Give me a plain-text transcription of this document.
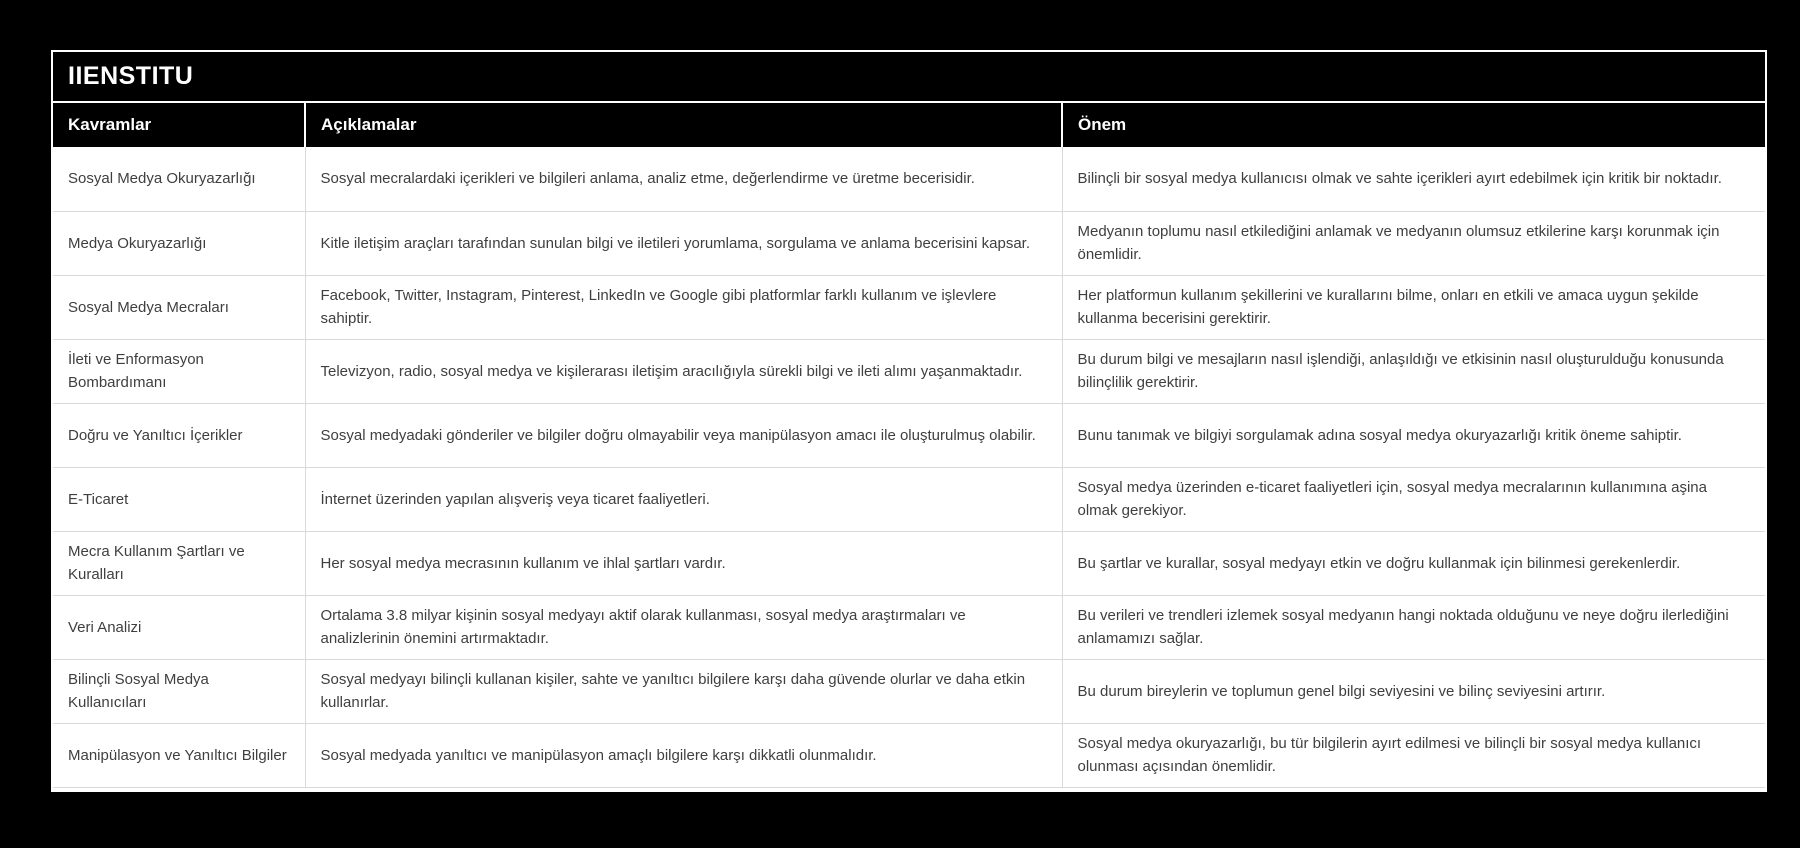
IIENSTITU
Kavramlar	Açıklamalar	Önem
Sosyal Medya Okuryazarlığı	Sosyal mecralardaki içerikleri ve bilgileri anlama, analiz etme, değerlendirme ve üretme becerisidir.	Bilinçli bir sosyal medya kullanıcısı olmak ve sahte içerikleri ayırt edebilmek için kritik bir noktadır.
Medya Okuryazarlığı	Kitle iletişim araçları tarafından sunulan bilgi ve iletileri yorumlama, sorgulama ve anlama becerisini kapsar.	Medyanın toplumu nasıl etkilediğini anlamak ve medyanın olumsuz etkilerine karşı korunmak için önemlidir.
Sosyal Medya Mecraları	Facebook, Twitter, Instagram, Pinterest, LinkedIn ve Google gibi platformlar farklı kullanım ve işlevlere sahiptir.	Her platformun kullanım şekillerini ve kurallarını bilme, onları en etkili ve amaca uygun şekilde kullanma becerisini gerektirir.
İleti ve Enformasyon Bombardımanı	Televizyon, radio, sosyal medya ve kişilerarası iletişim aracılığıyla sürekli bilgi ve ileti alımı yaşanmaktadır.	Bu durum bilgi ve mesajların nasıl işlendiği, anlaşıldığı ve etkisinin nasıl oluşturulduğu konusunda bilinçlilik gerektirir.
Doğru ve Yanıltıcı İçerikler	Sosyal medyadaki gönderiler ve bilgiler doğru olmayabilir veya manipülasyon amacı ile oluşturulmuş olabilir.	Bunu tanımak ve bilgiyi sorgulamak adına sosyal medya okuryazarlığı kritik öneme sahiptir.
E-Ticaret	İnternet üzerinden yapılan alışveriş veya ticaret faaliyetleri.	Sosyal medya üzerinden e-ticaret faaliyetleri için, sosyal medya mecralarının kullanımına aşina olmak gerekiyor.
Mecra Kullanım Şartları ve Kuralları	Her sosyal medya mecrasının kullanım ve ihlal şartları vardır.	Bu şartlar ve kurallar, sosyal medyayı etkin ve doğru kullanmak için bilinmesi gerekenlerdir.
Veri Analizi	Ortalama 3.8 milyar kişinin sosyal medyayı aktif olarak kullanması, sosyal medya araştırmaları ve analizlerinin önemini artırmaktadır.	Bu verileri ve trendleri izlemek sosyal medyanın hangi noktada olduğunu ve neye doğru ilerlediğini anlamamızı sağlar.
Bilinçli Sosyal Medya Kullanıcıları	Sosyal medyayı bilinçli kullanan kişiler, sahte ve yanıltıcı bilgilere karşı daha güvende olurlar ve daha etkin kullanırlar.	Bu durum bireylerin ve toplumun genel bilgi seviyesini ve bilinç seviyesini artırır.
Manipülasyon ve Yanıltıcı Bilgiler	Sosyal medyada yanıltıcı ve manipülasyon amaçlı bilgilere karşı dikkatli olunmalıdır.	Sosyal medya okuryazarlığı, bu tür bilgilerin ayırt edilmesi ve bilinçli bir sosyal medya kullanıcı olunması açısından önemlidir.
